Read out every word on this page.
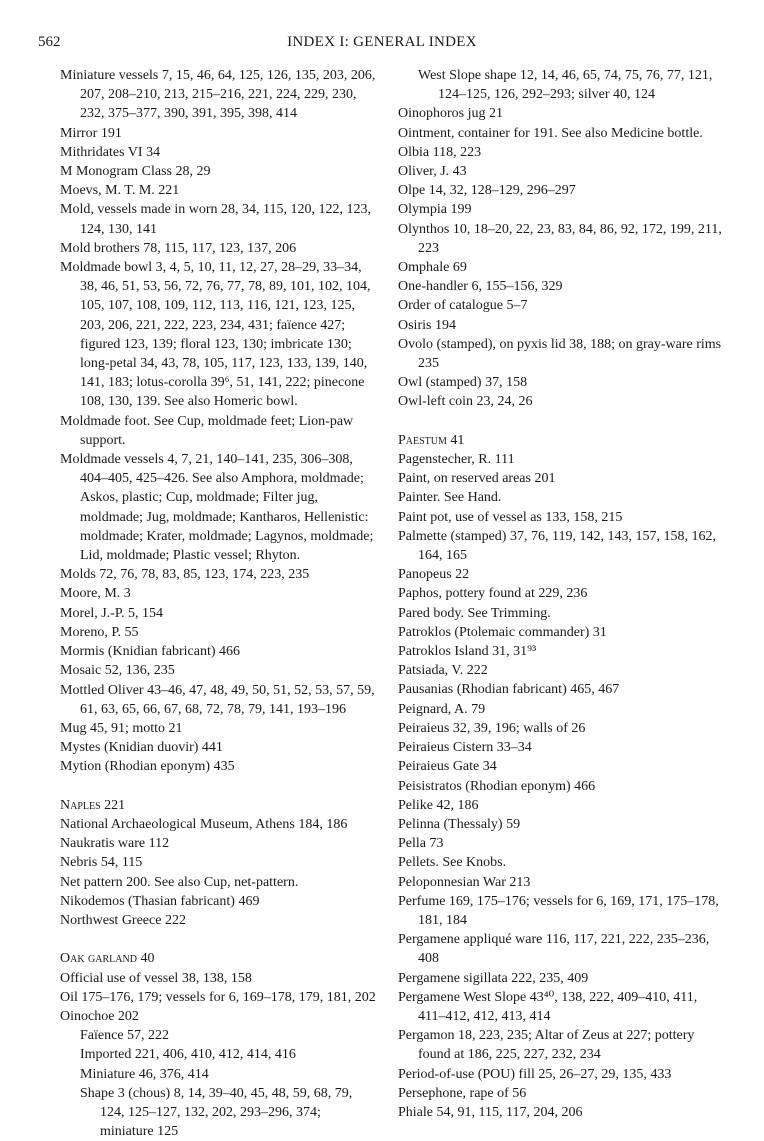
562	INDEX I: GENERAL INDEX
Miniature vessels 7, 15, 46, 64, 125, 126, 135, 203, 206, 207, 208–210, 213, 215–216, 221, 224, 229, 230, 232, 375–377, 390, 391, 395, 398, 414
Mirror 191
Mithridates VI 34
M Monogram Class 28, 29
Moevs, M. T. M. 221
Mold, vessels made in worn 28, 34, 115, 120, 122, 123, 124, 130, 141
Mold brothers 78, 115, 117, 123, 137, 206
Moldmade bowl 3, 4, 5, 10, 11, 12, 27, 28–29, 33–34, 38, 46, 51, 53, 56, 72, 76, 77, 78, 89, 101, 102, 104, 105, 107, 108, 109, 112, 113, 116, 121, 123, 125, 203, 206, 221, 222, 223, 234, 431; faïence 427; figured 123, 139; floral 123, 130; imbricate 130; long-petal 34, 43, 78, 105, 117, 123, 133, 139, 140, 141, 183; lotus-corolla 39⁶, 51, 141, 222; pinecone 108, 130, 139. See also Homeric bowl.
Moldmade foot. See Cup, moldmade feet; Lion-paw support.
Moldmade vessels 4, 7, 21, 140–141, 235, 306–308, 404–405, 425–426. See also Amphora, moldmade; Askos, plastic; Cup, moldmade; Filter jug, moldmade; Jug, moldmade; Kantharos, Hellenistic: moldmade; Krater, moldmade; Lagynos, moldmade; Lid, moldmade; Plastic vessel; Rhyton.
Molds 72, 76, 78, 83, 85, 123, 174, 223, 235
Moore, M. 3
Morel, J.-P. 5, 154
Moreno, P. 55
Mormis (Knidian fabricant) 466
Mosaic 52, 136, 235
Mottled Oliver 43–46, 47, 48, 49, 50, 51, 52, 53, 57, 59, 61, 63, 65, 66, 67, 68, 72, 78, 79, 141, 193–196
Mug 45, 91; motto 21
Mystes (Knidian duovir) 441
Mytion (Rhodian eponym) 435
Naples 221
National Archaeological Museum, Athens 184, 186
Naukratis ware 112
Nebris 54, 115
Net pattern 200. See also Cup, net-pattern.
Nikodemos (Thasian fabricant) 469
Northwest Greece 222
Oak garland 40
Official use of vessel 38, 138, 158
Oil 175–176, 179; vessels for 6, 169–178, 179, 181, 202
Oinochoe 202
Faïence 57, 222
Imported 221, 406, 410, 412, 414, 416
Miniature 46, 376, 414
Shape 3 (chous) 8, 14, 39–40, 45, 48, 59, 68, 79, 124, 125–127, 132, 202, 293–296, 374; miniature 125
West Slope shape 12, 14, 46, 65, 74, 75, 76, 77, 121, 124–125, 126, 292–293; silver 40, 124
Oinophoros jug 21
Ointment, container for 191. See also Medicine bottle.
Olbia 118, 223
Oliver, J. 43
Olpe 14, 32, 128–129, 296–297
Olympia 199
Olynthos 10, 18–20, 22, 23, 83, 84, 86, 92, 172, 199, 211, 223
Omphale 69
One-handler 6, 155–156, 329
Order of catalogue 5–7
Osiris 194
Ovolo (stamped), on pyxis lid 38, 188; on gray-ware rims 235
Owl (stamped) 37, 158
Owl-left coin 23, 24, 26
Paestum 41
Pagenstecher, R. 111
Paint, on reserved areas 201
Painter. See Hand.
Paint pot, use of vessel as 133, 158, 215
Palmette (stamped) 37, 76, 119, 142, 143, 157, 158, 162, 164, 165
Panopeus 22
Paphos, pottery found at 229, 236
Pared body. See Trimming.
Patroklos (Ptolemaic commander) 31
Patroklos Island 31, 31⁹³
Patsiada, V. 222
Pausanias (Rhodian fabricant) 465, 467
Peignard, A. 79
Peiraieus 32, 39, 196; walls of 26
Peiraieus Cistern 33–34
Peiraieus Gate 34
Peisistratos (Rhodian eponym) 466
Pelike 42, 186
Pelinna (Thessaly) 59
Pella 73
Pellets. See Knobs.
Peloponnesian War 213
Perfume 169, 175–176; vessels for 6, 169, 171, 175–178, 181, 184
Pergamene appliqué ware 116, 117, 221, 222, 235–236, 408
Pergamene sigillata 222, 235, 409
Pergamene West Slope 43⁴⁰, 138, 222, 409–410, 411, 411–412, 412, 413, 414
Pergamon 18, 223, 235; Altar of Zeus at 227; pottery found at 186, 225, 227, 232, 234
Period-of-use (POU) fill 25, 26–27, 29, 135, 433
Persephone, rape of 56
Phiale 54, 91, 115, 117, 204, 206
